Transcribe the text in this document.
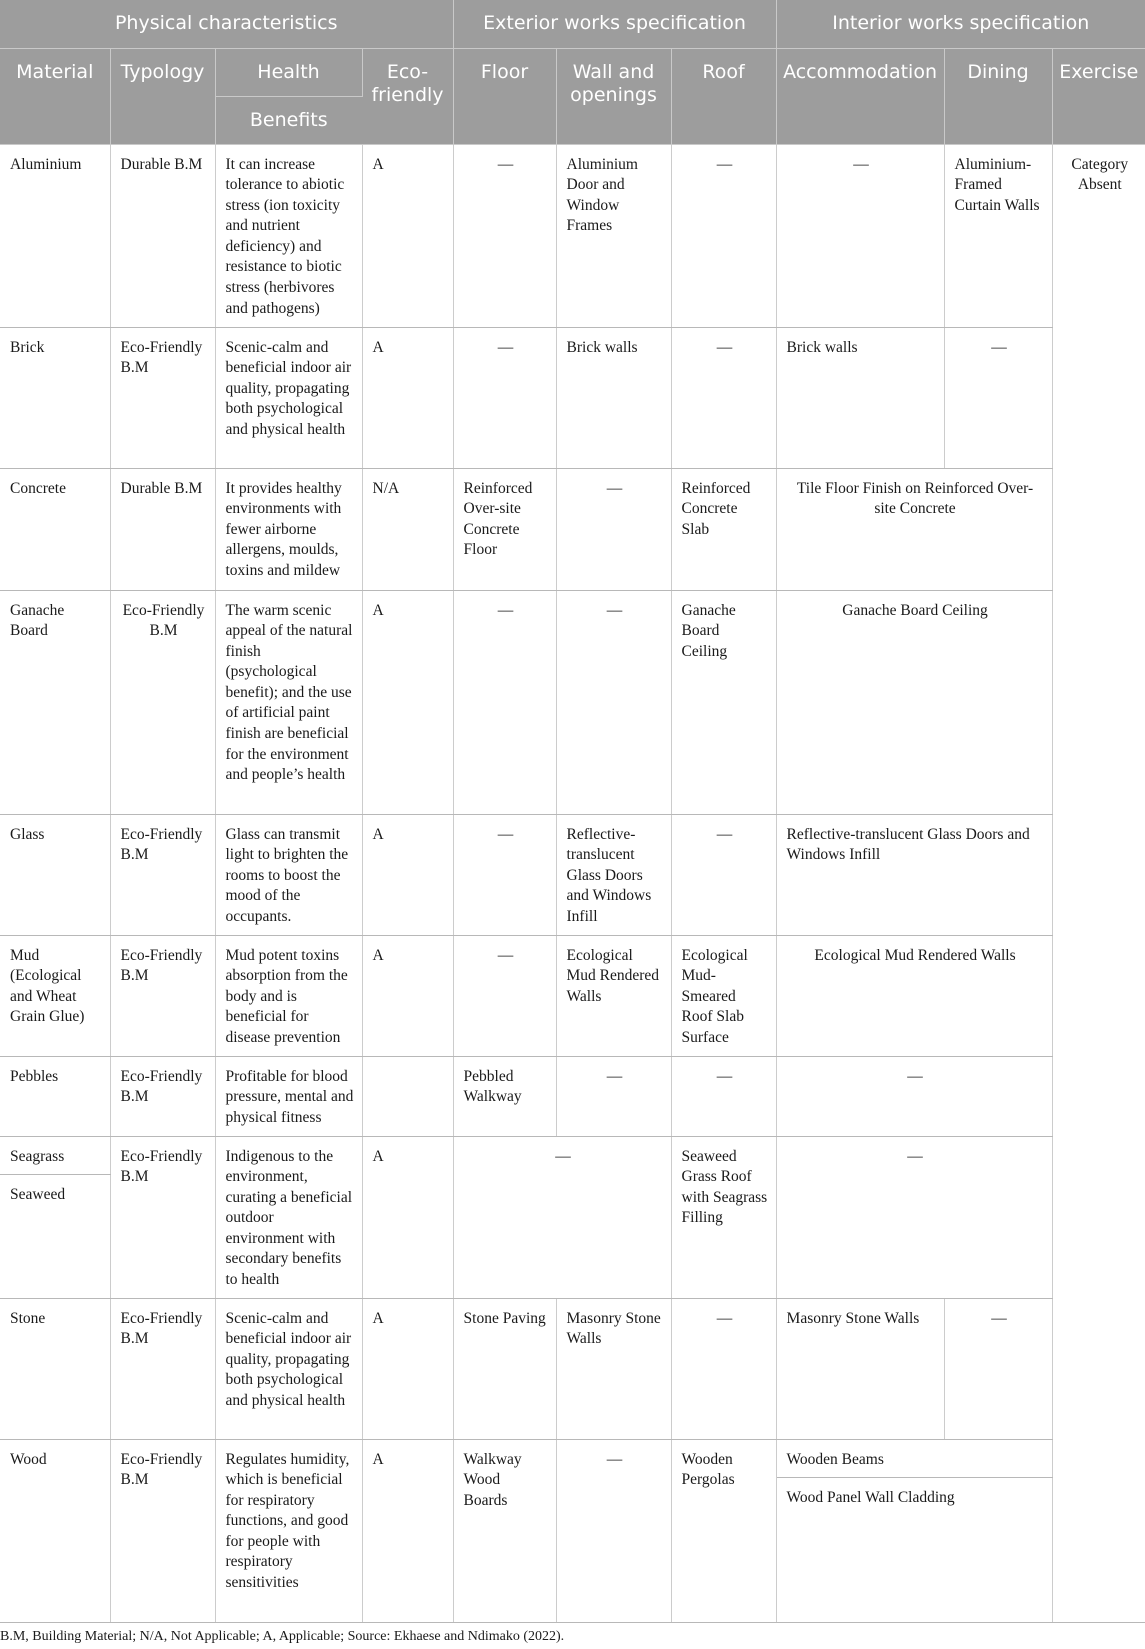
Physical characteristics				Exterior works specification			Interior works specification		
Material	Typology	Health	Eco-friendly	Floor	Wall and openings	Roof	Accommodation	Dining	Exercise
		Benefits							
Aluminium	Durable B.M	It can increase tolerance to abiotic stress (ion toxicity and nutrient deficiency) and resistance to biotic stress (herbivores and pathogens)	A	—	Aluminium Door and Window Frames	—	—	Aluminium-Framed Curtain Walls	Category Absent
Brick	Eco-Friendly B.M	Scenic-calm and beneficial indoor air quality, propagating both psychological and physical health	A	—	Brick walls	—	Brick walls	—	
Concrete	Durable B.M	It provides healthy environments with fewer airborne allergens, moulds, toxins and mildew	N/A	Reinforced Over-site Concrete Floor	—	Reinforced Concrete Slab	Tile Floor Finish on Reinforced Over-site Concrete		
Ganache Board	Eco-Friendly B.M	The warm scenic appeal of the natural finish (psychological benefit); and the use of artificial paint finish are beneficial for the environment and people’s health	A	—	—	Ganache Board Ceiling	Ganache Board Ceiling		
Glass	Eco-Friendly B.M	Glass can transmit light to brighten the rooms to boost the mood of the occupants.	A	—	Reflective-translucent Glass Doors and Windows Infill	—	Reflective-translucent Glass Doors and Windows Infill		
Mud (Ecological and Wheat Grain Glue)	Eco-Friendly B.M	Mud potent toxins absorption from the body and is beneficial for disease prevention	A	—	Ecological Mud Rendered Walls	Ecological Mud-Smeared Roof Slab Surface	Ecological Mud Rendered Walls		
Pebbles	Eco-Friendly B.M	Profitable for blood pressure, mental and physical fitness		Pebbled Walkway	—	—	—		
Seagrass	Eco-Friendly B.M	Indigenous to the environment, curating a beneficial outdoor environment with secondary benefits to health	A	—		Seaweed Grass Roof with Seagrass Filling	—		
Seaweed									
Stone	Eco-Friendly B.M	Scenic-calm and beneficial indoor air quality, propagating both psychological and physical health	A	Stone Paving	Masonry Stone Walls	—	Masonry Stone Walls	—	
Wood	Eco-Friendly B.M	Regulates humidity, which is beneficial for respiratory functions, and good for people with respiratory sensitivities	A	Walkway Wood Boards	—	Wooden Pergolas	Wooden Beams		
							Wood Panel Wall Cladding		
B.M, Building Material; N/A, Not Applicable; A, Applicable; Source: Ekhaese and Ndimako (2022).
